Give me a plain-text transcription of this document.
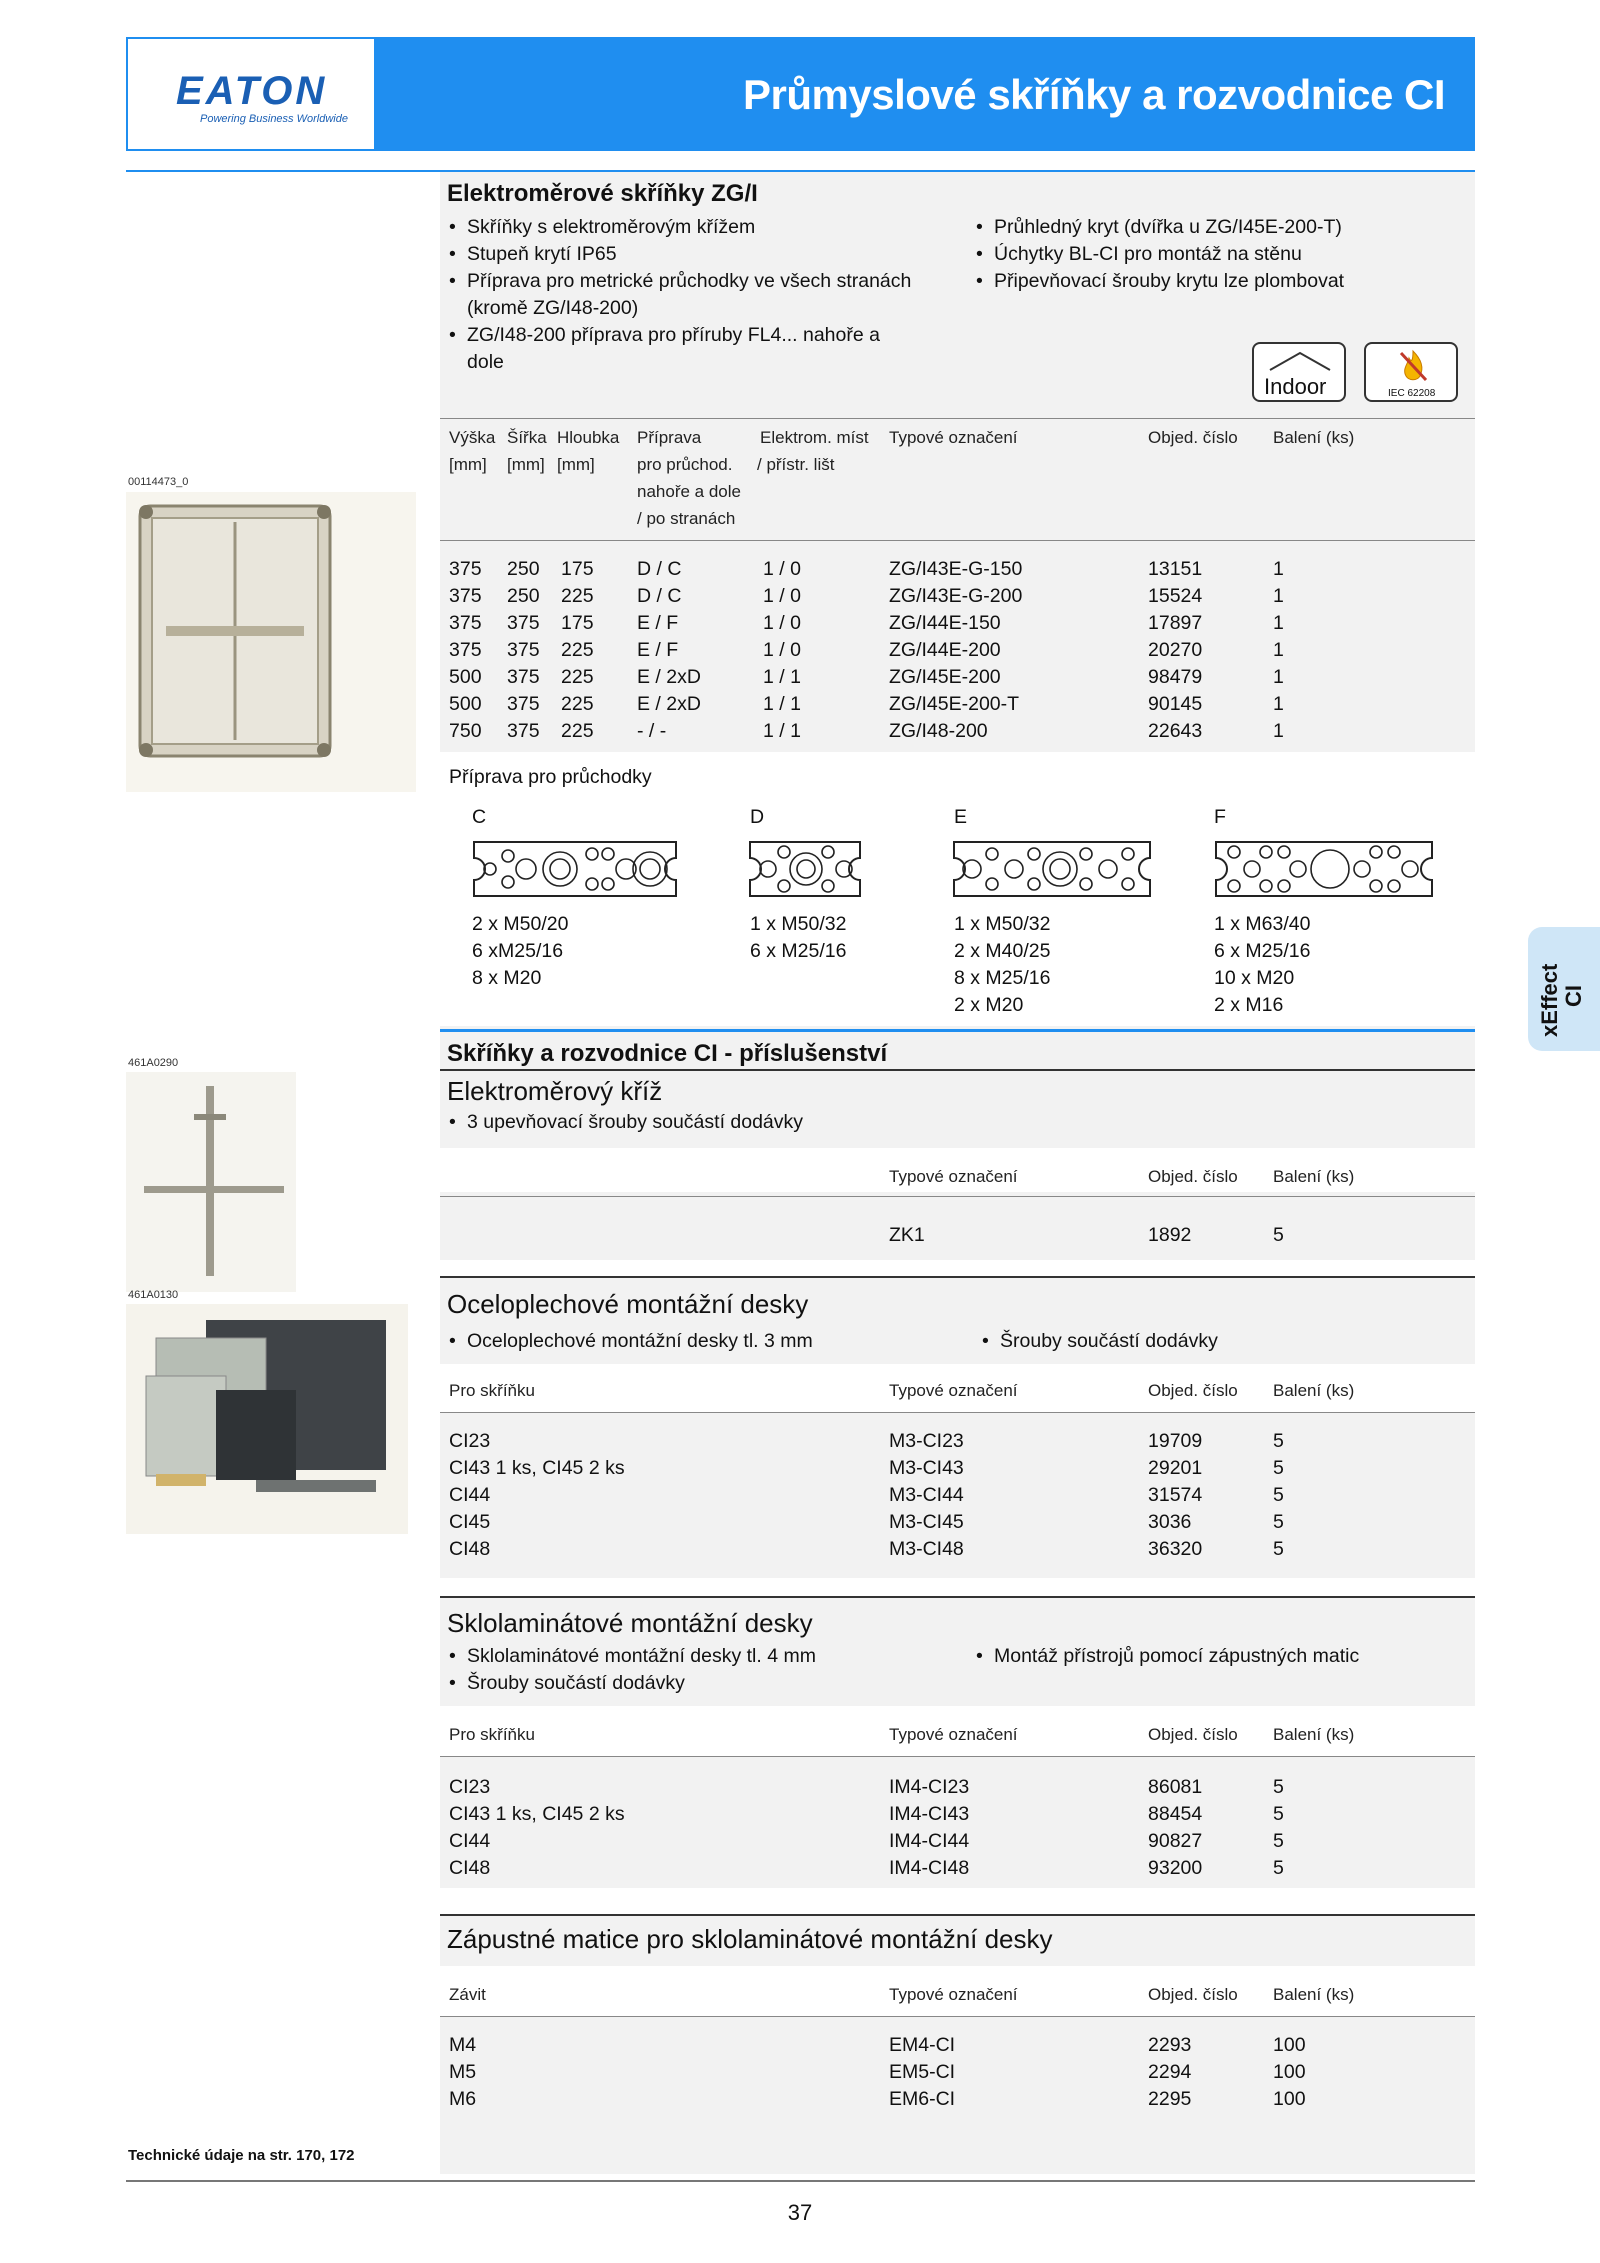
EATON
Powering Business Worldwide
Průmyslové skříňky a rozvodnice CI
xEffect CI
00114473_0
461A0290
461A0130
Elektroměrové skříňky ZG/I
• Skříňky s elektroměrovým křížem
• Stupeň krytí IP65
• Příprava pro metrické průchodky ve všech stranách (kromě ZG/I48-200)
• ZG/I48-200 příprava pro příruby FL4... nahoře a dole
• Průhledný kryt (dvířka u ZG/I45E-200-T)
• Úchytky BL-CI pro montáž na stěnu
• Připevňovací šrouby krytu lze plombovat
Indoor	IEC 62208
Výška
[mm]
Šířka
[mm]
Hloubka
[mm]
Příprava
pro průchod.
nahoře a dole
/ po stranách
Elektrom. míst
/ přístr. lišt
Typové označení	Objed. číslo Balení (ks)
375 250 175 D / C	1 / 0	ZG/I43E-G-150	13151	1
375 250 225 D / C	1 / 0	ZG/I43E-G-200	15524	1
375 375 175 E / F	1 / 0	ZG/I44E-150	17897	1
375 375 225 E / F	1 / 0	ZG/I44E-200	20270	1
500 375 225 E / 2xD	1 / 1	ZG/I45E-200	98479	1
500 375 225 E / 2xD	1 / 1	ZG/I45E-200-T	90145	1
750 375 225 - / -	1 / 1	ZG/I48-200	22643	1
Příprava pro průchodky
C	D	E	F
2 x M50/20
6 xM25/16
8 x M20
1 x M50/32
6 x M25/16
1 x M50/32
2 x M40/25
8 x M25/16
2 x M20
1 x M63/40
6 x M25/16
10 x M20
2 x M16
Skříňky a rozvodnice CI - příslušenství
Elektroměrový kříž
• 3 upevňovací šrouby součástí dodávky
Typové označení	Objed. číslo Balení (ks)
ZK1	1892	5
Oceloplechové montážní desky
• Oceloplechové montážní desky tl. 3 mm
•	Šrouby součástí dodávky
Pro skříňku	Typové označení	Objed. číslo Balení (ks)
CI23	M3-CI23	19709	5
CI43 1 ks, CI45 2 ks	M3-CI43	29201	5
CI44	M3-CI44	31574	5
CI45	M3-CI45	3036	5
CI48	M3-CI48	36320	5
Sklolaminátové montážní desky
• Sklolaminátové montážní desky tl. 4 mm
• Šrouby součástí dodávky
• Montáž přístrojů pomocí zápustných matic
Pro skříňku	Typové označení	Objed. číslo Balení (ks)
CI23	IM4-CI23	86081	5
CI43 1 ks, CI45 2 ks	IM4-CI43	88454	5
CI44	IM4-CI44	90827	5
CI48	IM4-CI48	93200	5
Zápustné matice pro sklolaminátové montážní desky
Závit	Typové označení	Objed. číslo Balení (ks)
M4	EM4-CI	2293	100
M5	EM5-CI	2294	100
M6	EM6-CI	2295	100
Technické údaje na str. 170, 172
37
